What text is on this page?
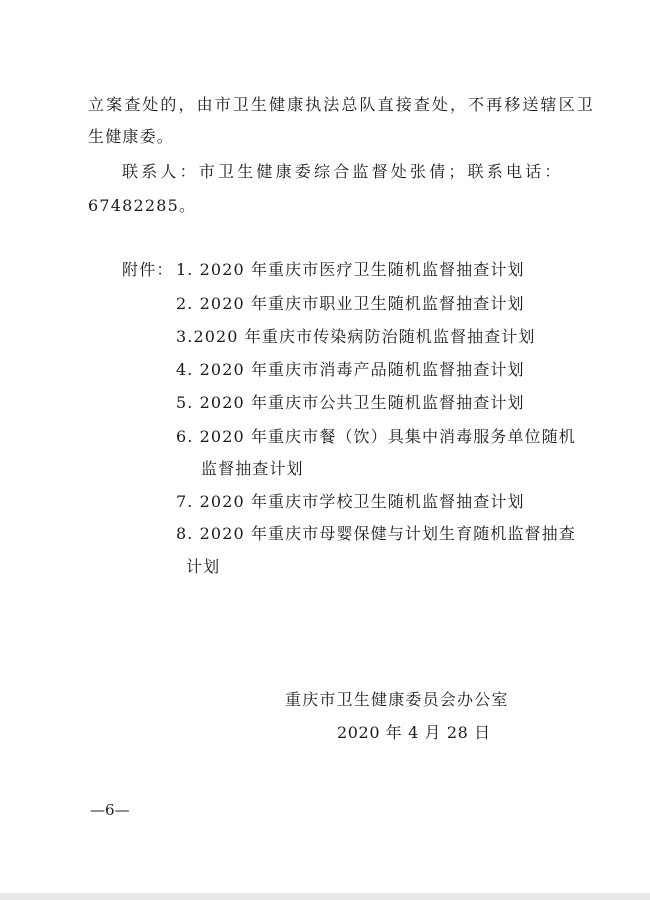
立案查处的，由市卫生健康执法总队直接查处，不再移送辖区卫
生健康委。
联系人：市卫生健康委综合监督处张倩；联系电话：
67482285。
附件： 1. 2020 年重庆市医疗卫生随机监督抽查计划
2. 2020 年重庆市职业卫生随机监督抽查计划
3.2020 年重庆市传染病防治随机监督抽查计划
4. 2020 年重庆市消毒产品随机监督抽查计划
5. 2020 年重庆市公共卫生随机监督抽查计划
6. 2020 年重庆市餐（饮）具集中消毒服务单位随机
监督抽查计划
7. 2020 年重庆市学校卫生随机监督抽查计划
8. 2020 年重庆市母婴保健与计划生育随机监督抽查
计划
重庆市卫生健康委员会办公室
2020 年 4 月 28 日
—6—
